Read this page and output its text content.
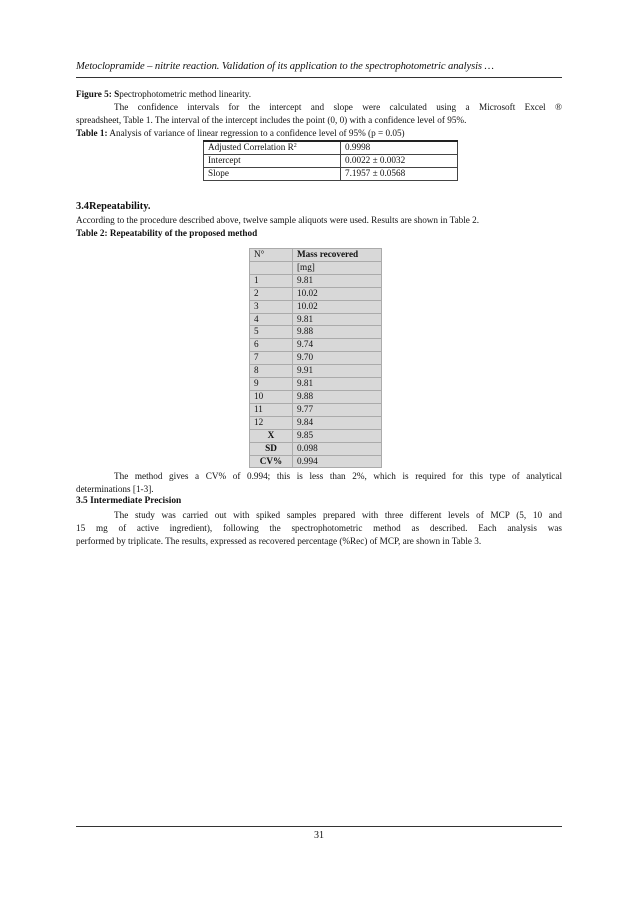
Metoclopramide – nitrite reaction. Validation of its application to the spectrophotometric analysis …
Figure 5: Spectrophotometric method linearity.
The confidence intervals for the intercept and slope were calculated using a Microsoft Excel ®
spreadsheet, Table 1. The interval of the intercept includes the point (0, 0) with a confidence level of 95%.
Table 1: Analysis of variance of linear regression to a confidence level of 95% (p = 0.05)
Adjusted Correlation $R^2$	0.9998
Intercept	0.0022 ± 0.0032
Slope	7.1957 ± 0.0568
3.4Repeatability.
According to the procedure described above, twelve sample aliquots were used. Results are shown in Table 2.
Table 2: Repeatability of the proposed method
N°	Mass recovered
	[mg]
1	9.81
2	10.02
3	10.02
4	9.81
5	9.88
6	9.74
7	9.70
8	9.91
9	9.81
10	9.88
11	9.77
12	9.84
X	9.85
SD	0.098
CV%	0.994
The method gives a CV% of 0.994; this is less than 2%, which is required for this type of analytical
determinations [1-3].
3.5 Intermediate Precision
The study was carried out with spiked samples prepared with three different levels of MCP (5, 10 and
15 mg of active ingredient), following the spectrophotometric method as described. Each analysis was
performed by triplicate. The results, expressed as recovered percentage (%Rec) of MCP, are shown in Table 3.
31
